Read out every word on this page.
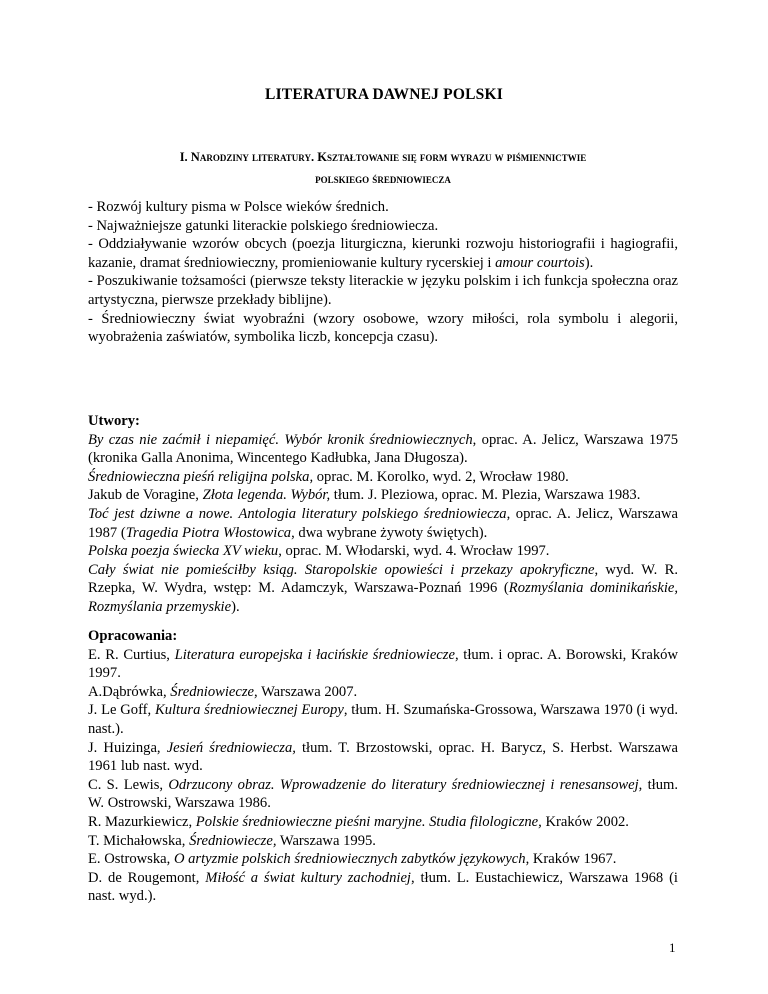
LITERATURA DAWNEJ POLSKI
I. Narodziny literatury. Kształtowanie się form wyrazu w piśmiennictwie
polskiego średniowiecza

- Rozwój kultury pisma w Polsce wieków średnich.

- Najważniejsze gatunki literackie polskiego średniowiecza.

- Oddziaływanie wzorów obcych (poezja liturgiczna, kierunki rozwoju historiografii i hagiografii, kazanie, dramat średniowieczny, promieniowanie kultury rycerskiej i amour courtois).

- Poszukiwanie tożsamości (pierwsze teksty literackie w języku polskim i ich funkcja społeczna oraz artystyczna, pierwsze przekłady biblijne).

- Średniowieczny świat wyobraźni (wzory osobowe, wzory miłości, rola symbolu i alegorii, wyobrażenia zaświatów, symbolika liczb, koncepcja czasu).

Utwory:

By czas nie zaćmił i niepamięć. Wybór kronik średniowiecznych, oprac. A. Jelicz, Warszawa 1975 (kronika Galla Anonima, Wincentego Kadłubka, Jana Długosza).

Średniowieczna pieśń religijna polska, oprac. M. Korolko, wyd. 2, Wrocław 1980.

Jakub de Voragine, Złota legenda. Wybór, tłum. J. Pleziowa, oprac. M. Plezia, Warszawa 1983.

Toć jest dziwne a nowe. Antologia literatury polskiego średniowiecza, oprac. A. Jelicz, Warszawa 1987 (Tragedia Piotra Włostowica, dwa wybrane żywoty świętych).

Polska poezja świecka XV wieku, oprac. M. Włodarski, wyd. 4. Wrocław 1997.

Cały świat nie pomieściłby ksiąg. Staropolskie opowieści i przekazy apokryficzne, wyd. W. R. Rzepka, W. Wydra, wstęp: M. Adamczyk, Warszawa-Poznań 1996 (Rozmyślania dominikańskie, Rozmyślania przemyskie).

Opracowania:

E. R. Curtius, Literatura europejska i łacińskie średniowiecze, tłum. i oprac. A. Borowski, Kraków 1997.

A.Dąbrówka, Średniowiecze, Warszawa 2007.

J. Le Goff, Kultura średniowiecznej Europy, tłum. H. Szumańska-Grossowa, Warszawa 1970 (i wyd. nast.).

J. Huizinga, Jesień średniowiecza, tłum. T. Brzostowski, oprac. H. Barycz, S. Herbst. Warszawa 1961 lub nast. wyd.

C. S. Lewis, Odrzucony obraz. Wprowadzenie do literatury średniowiecznej i renesansowej, tłum. W. Ostrowski, Warszawa 1986.

R. Mazurkiewicz, Polskie średniowieczne pieśni maryjne. Studia filologiczne, Kraków 2002.

T. Michałowska, Średniowiecze, Warszawa 1995.

E. Ostrowska, O artyzmie polskich średniowiecznych zabytków językowych, Kraków 1967.

D. de Rougemont, Miłość a świat kultury zachodniej, tłum. L. Eustachiewicz, Warszawa 1968 (i nast. wyd.).

1
